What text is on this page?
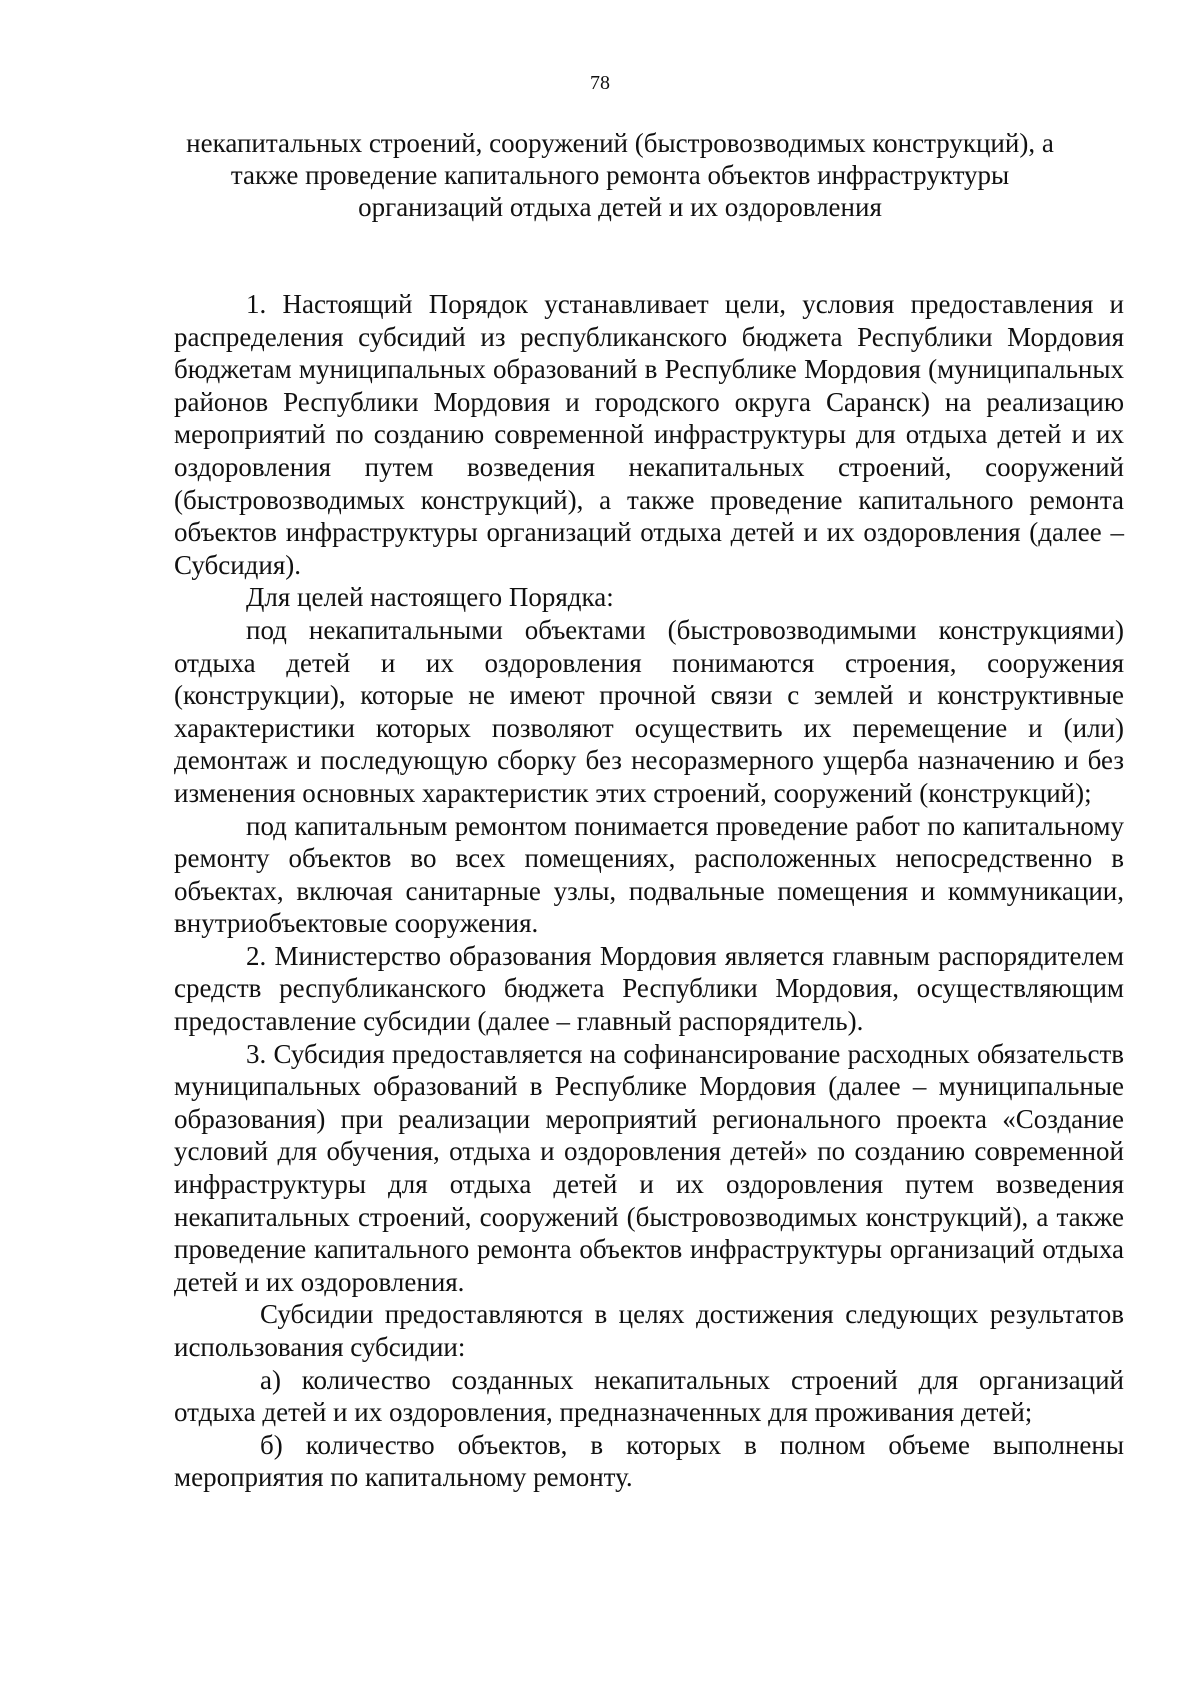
78
некапитальных строений, сооружений (быстровозводимых конструкций), а
также проведение капитального ремонта объектов инфраструктуры
организаций отдыха детей и их оздоровления

1. Настоящий Порядок устанавливает цели, условия предоставления и распределения субсидий из республиканского бюджета Республики Мордовия бюджетам муниципальных образований в Республике Мордовия (муниципальных районов Республики Мордовия и городского округа Саранск) на реализацию мероприятий по созданию современной инфраструктуры для отдыха детей и их оздоровления путем возведения некапитальных строений, сооружений (быстровозводимых конструкций), а также проведение капитального ремонта объектов инфраструктуры организаций отдыха детей и их оздоровления (далее – Субсидия).

Для целей настоящего Порядка:

под некапитальными объектами (быстровозводимыми конструкциями) отдыха детей и их оздоровления понимаются строения, сооружения (конструкции), которые не имеют прочной связи с землей и конструктивные характеристики которых позволяют осуществить их перемещение и (или) демонтаж и последующую сборку без несоразмерного ущерба назначению и без изменения основных характеристик этих строений, сооружений (конструкций);

под капитальным ремонтом понимается проведение работ по капитальному ремонту объектов во всех помещениях, расположенных непосредственно в объектах, включая санитарные узлы, подвальные помещения и коммуникации, внутриобъектовые сооружения.

2. Министерство образования Мордовия является главным распорядителем средств республиканского бюджета Республики Мордовия, осуществляющим предоставление субсидии (далее – главный распорядитель).

3. Субсидия предоставляется на софинансирование расходных обязательств муниципальных образований в Республике Мордовия (далее – муниципальные образования) при реализации мероприятий регионального проекта «Создание условий для обучения, отдыха и оздоровления детей» по созданию современной инфраструктуры для отдыха детей и их оздоровления путем возведения некапитальных строений, сооружений (быстровозводимых конструкций), а также проведение капитального ремонта объектов инфраструктуры организаций отдыха детей и их оздоровления.

Субсидии предоставляются в целях достижения следующих результатов использования субсидии:

а) количество созданных некапитальных строений для организаций отдыха детей и их оздоровления, предназначенных для проживания детей;

б) количество объектов, в которых в полном объеме выполнены мероприятия по капитальному ремонту.
